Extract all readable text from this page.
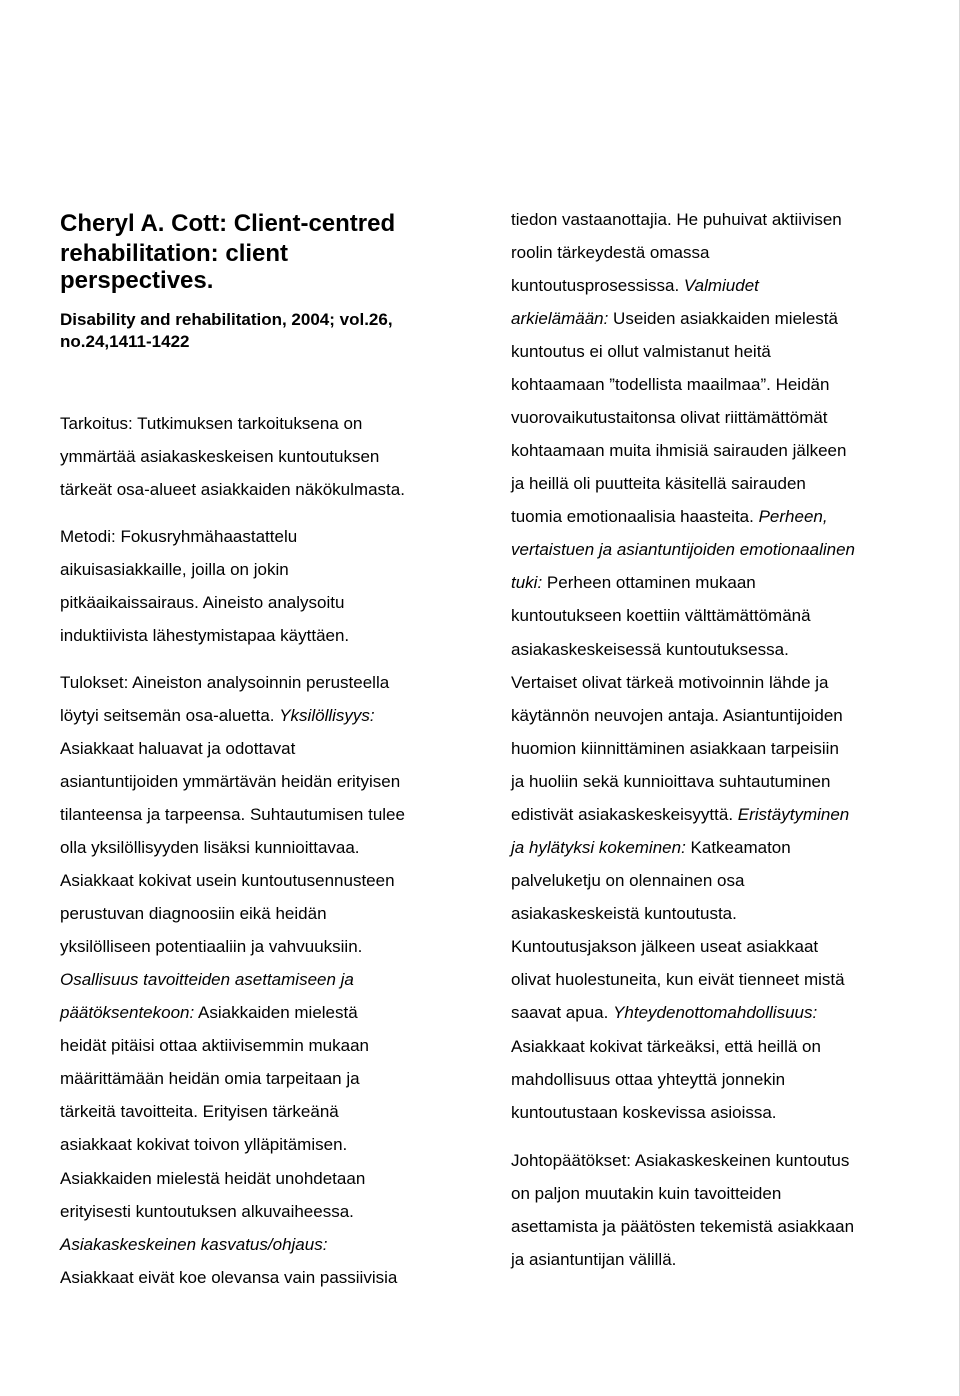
Cheryl A. Cott: Client-centred
rehabilitation: client
perspectives.
Disability and rehabilitation, 2004; vol.26,
no.24,1411-1422
Tarkoitus: Tutkimuksen tarkoituksena on
ymmärtää asiakaskeskeisen kuntoutuksen
tärkeät osa-alueet asiakkaiden näkökulmasta.
Metodi: Fokusryhmähaastattelu
aikuisasiakkaille, joilla on jokin
pitkäaikaissairaus. Aineisto analysoitu
induktiivista lähestymistapaa käyttäen.
Tulokset: Aineiston analysoinnin perusteella
löytyi seitsemän osa-aluetta. Yksilöllisyys:
Asiakkaat haluavat ja odottavat
asiantuntijoiden ymmärtävän heidän erityisen
tilanteensa ja tarpeensa. Suhtautumisen tulee
olla yksilöllisyyden lisäksi kunnioittavaa.
Asiakkaat kokivat usein kuntoutusennusteen
perustuvan diagnoosiin eikä heidän
yksilölliseen potentiaaliin ja vahvuuksiin.
Osallisuus tavoitteiden asettamiseen ja
päätöksentekoon: Asiakkaiden mielestä
heidät pitäisi ottaa aktiivisemmin mukaan
määrittämään heidän omia tarpeitaan ja
tärkeitä tavoitteita. Erityisen tärkeänä
asiakkaat kokivat toivon ylläpitämisen.
Asiakkaiden mielestä heidät unohdetaan
erityisesti kuntoutuksen alkuvaiheessa.
Asiakaskeskeinen kasvatus/ohjaus:
Asiakkaat eivät koe olevansa vain passiivisia
tiedon vastaanottajia. He puhuivat aktiivisen
roolin tärkeydestä omassa
kuntoutusprosessissa. Valmiudet
arkielämään: Useiden asiakkaiden mielestä
kuntoutus ei ollut valmistanut heitä
kohtaamaan ”todellista maailmaa”. Heidän
vuorovaikutustaitonsa olivat riittämättömät
kohtaamaan muita ihmisiä sairauden jälkeen
ja heillä oli puutteita käsitellä sairauden
tuomia emotionaalisia haasteita. Perheen,
vertaistuen ja asiantuntijoiden emotionaalinen
tuki: Perheen ottaminen mukaan
kuntoutukseen koettiin välttämättömänä
asiakaskeskeisessä kuntoutuksessa.
Vertaiset olivat tärkeä motivoinnin lähde ja
käytännön neuvojen antaja. Asiantuntijoiden
huomion kiinnittäminen asiakkaan tarpeisiin
ja huoliin sekä kunnioittava suhtautuminen
edistivät asiakaskeskeisyyttä. Eristäytyminen
ja hylätyksi kokeminen: Katkeamaton
palveluketju on olennainen osa
asiakaskeskeistä kuntoutusta.
Kuntoutusjakson jälkeen useat asiakkaat
olivat huolestuneita, kun eivät tienneet mistä
saavat apua. Yhteydenottomahdollisuus:
Asiakkaat kokivat tärkeäksi, että heillä on
mahdollisuus ottaa yhteyttä jonnekin
kuntoutustaan koskevissa asioissa.
Johtopäätökset: Asiakaskeskeinen kuntoutus
on paljon muutakin kuin tavoitteiden
asettamista ja päätösten tekemistä asiakkaan
ja asiantuntijan välillä.
